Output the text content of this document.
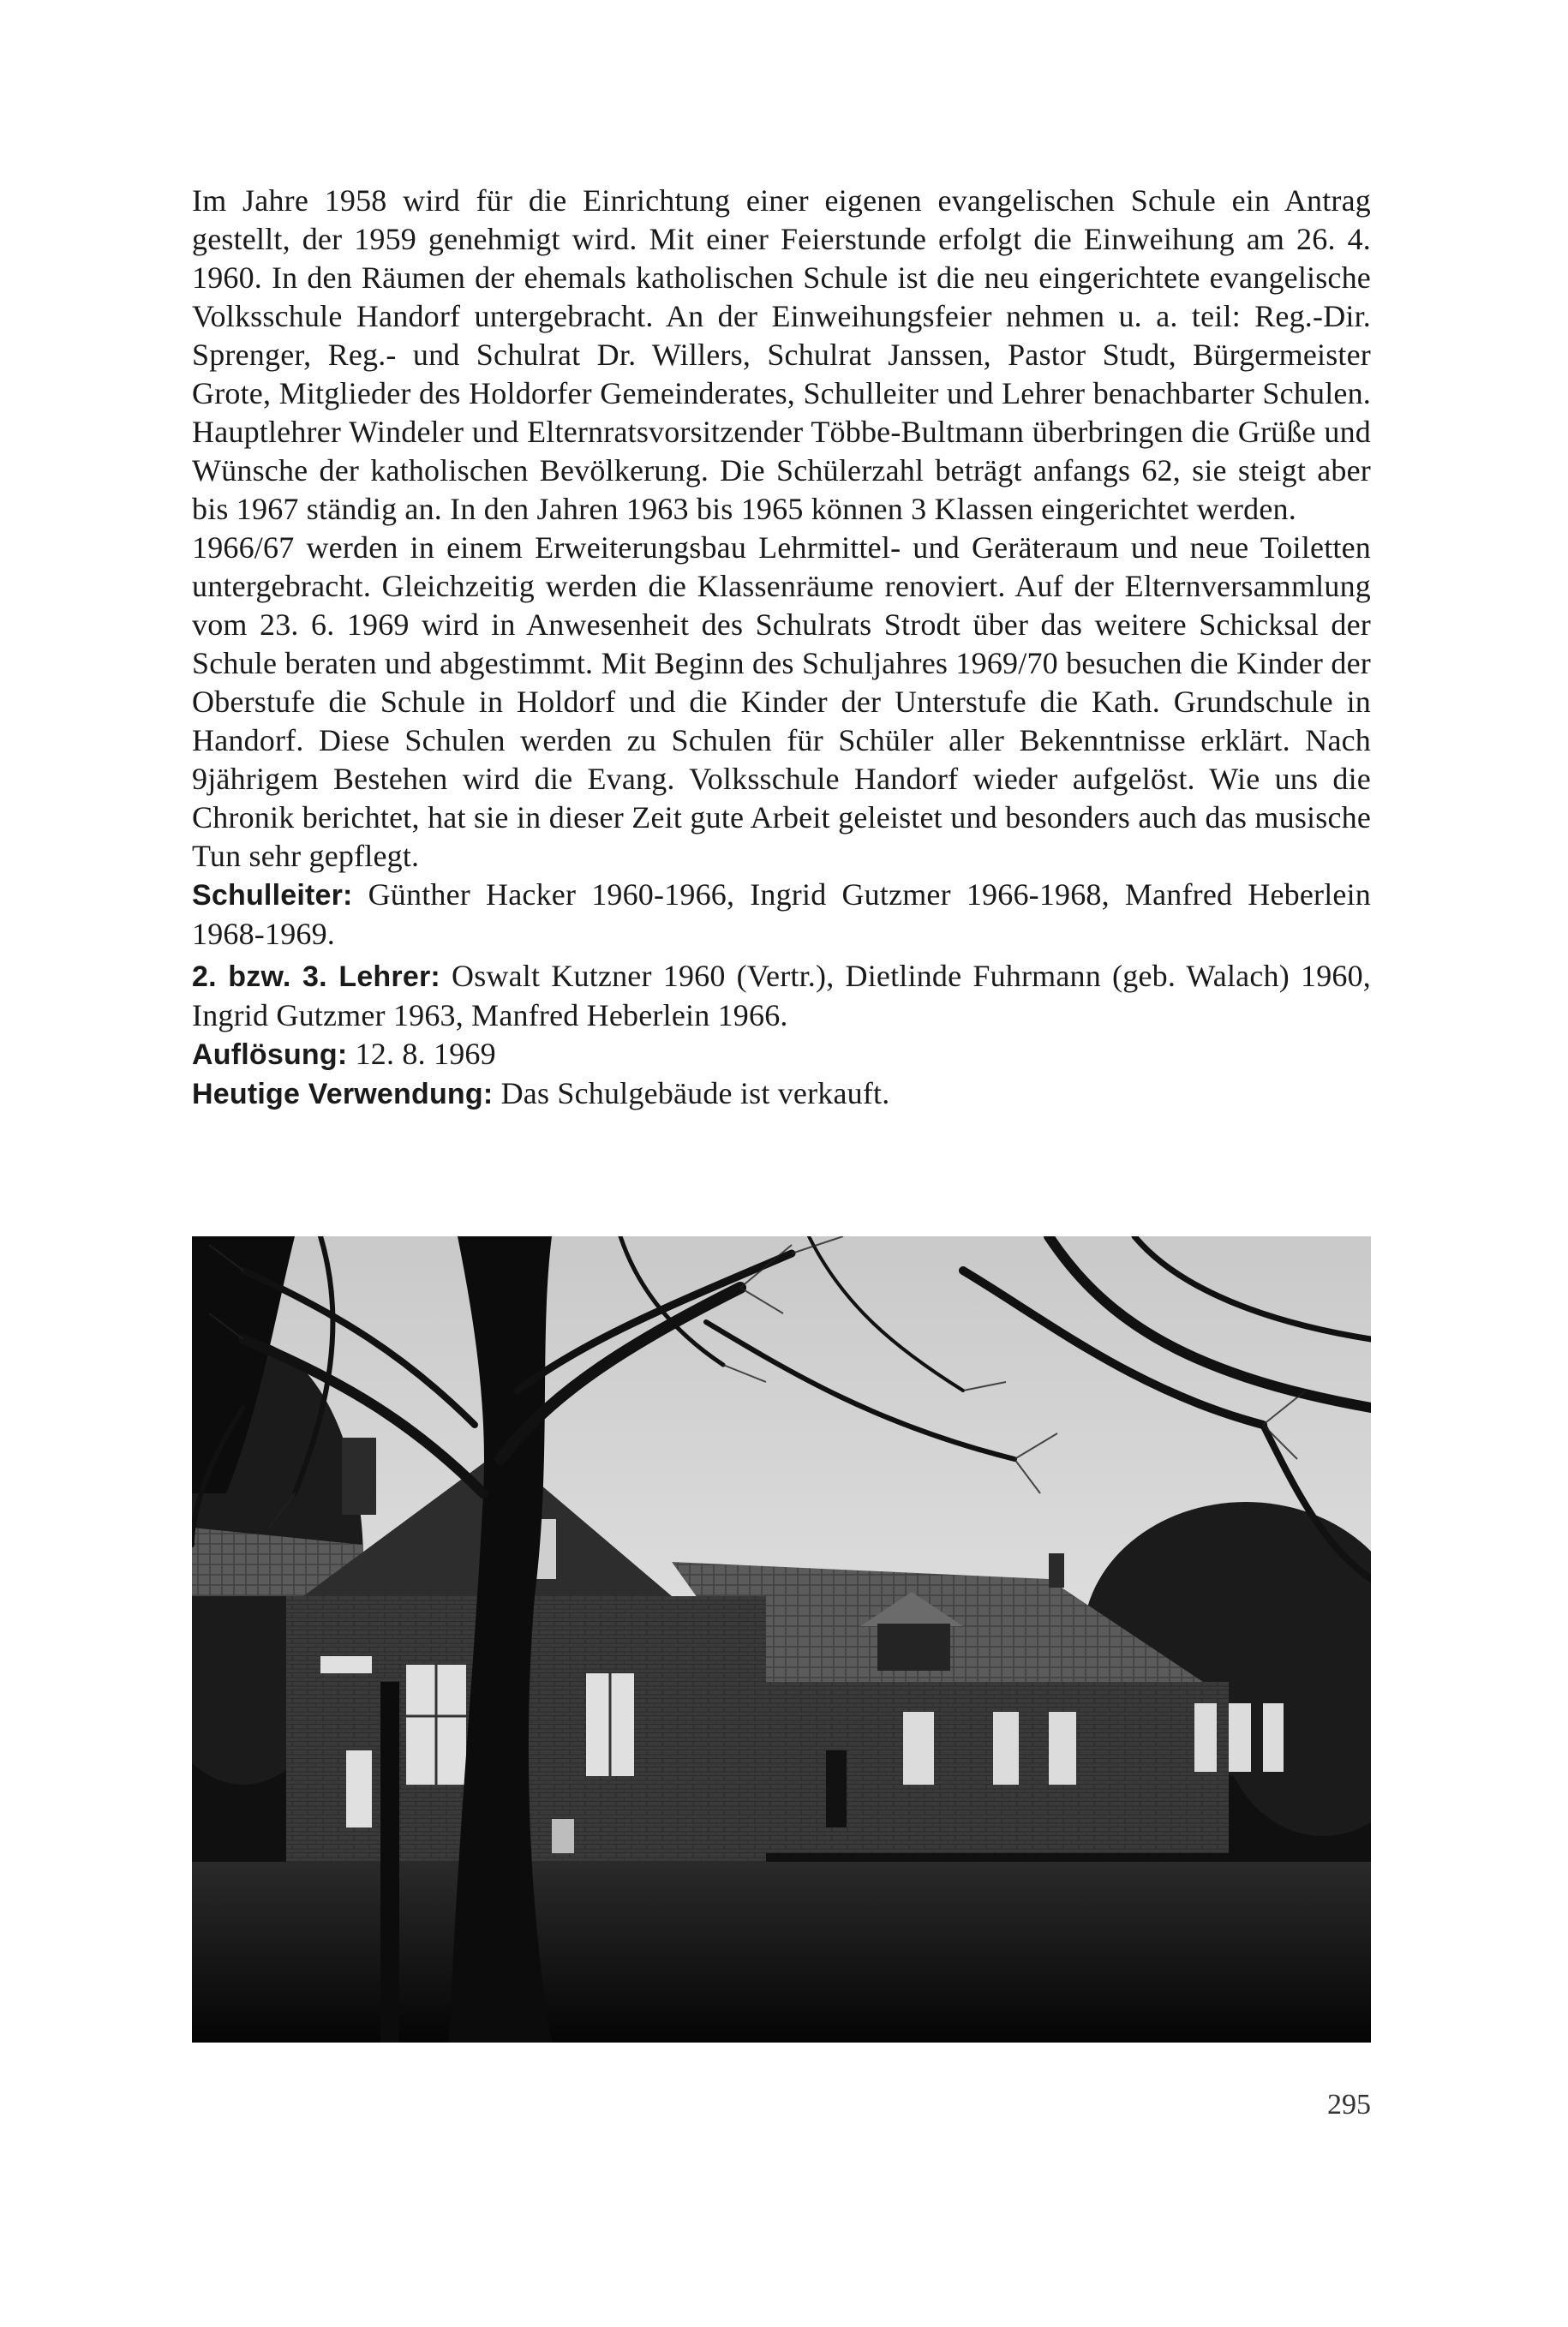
Im Jahre 1958 wird für die Einrichtung einer eigenen evangelischen Schule ein Antrag gestellt, der 1959 genehmigt wird. Mit einer Feierstunde erfolgt die Einweihung am 26. 4. 1960. In den Räumen der ehemals katholischen Schule ist die neu eingerichtete evangelische Volksschule Handorf untergebracht. An der Einweihungsfeier nehmen u. a. teil: Reg.-Dir. Sprenger, Reg.- und Schulrat Dr. Willers, Schulrat Janssen, Pastor Studt, Bürgermeister Grote, Mitglieder des Holdorfer Gemeinderates, Schulleiter und Lehrer benachbarter Schulen. Hauptlehrer Windeler und Elternratsvorsitzender Többe-Bultmann überbringen die Grüße und Wünsche der katholischen Bevölkerung. Die Schülerzahl beträgt anfangs 62, sie steigt aber bis 1967 ständig an. In den Jahren 1963 bis 1965 können 3 Klassen eingerichtet werden.

1966/67 werden in einem Erweiterungsbau Lehrmittel- und Geräteraum und neue Toiletten untergebracht. Gleichzeitig werden die Klassenräume renoviert. Auf der Elternversammlung vom 23. 6. 1969 wird in Anwesenheit des Schulrats Strodt über das weitere Schicksal der Schule beraten und abgestimmt. Mit Beginn des Schuljahres 1969/70 besuchen die Kinder der Oberstufe die Schule in Holdorf und die Kinder der Unterstufe die Kath. Grundschule in Handorf. Diese Schulen werden zu Schulen für Schüler aller Bekenntnisse erklärt. Nach 9jährigem Bestehen wird die Evang. Volksschule Handorf wieder aufgelöst. Wie uns die Chronik berichtet, hat sie in dieser Zeit gute Arbeit geleistet und besonders auch das musische Tun sehr gepflegt.

Schulleiter: Günther Hacker 1960-1966, Ingrid Gutzmer 1966-1968, Manfred Heberlein 1968-1969.

2. bzw. 3. Lehrer: Oswalt Kutzner 1960 (Vertr.), Dietlinde Fuhrmann (geb. Walach) 1960, Ingrid Gutzmer 1963, Manfred Heberlein 1966.

Auflösung: 12. 8. 1969

Heutige Verwendung: Das Schulgebäude ist verkauft.

295
